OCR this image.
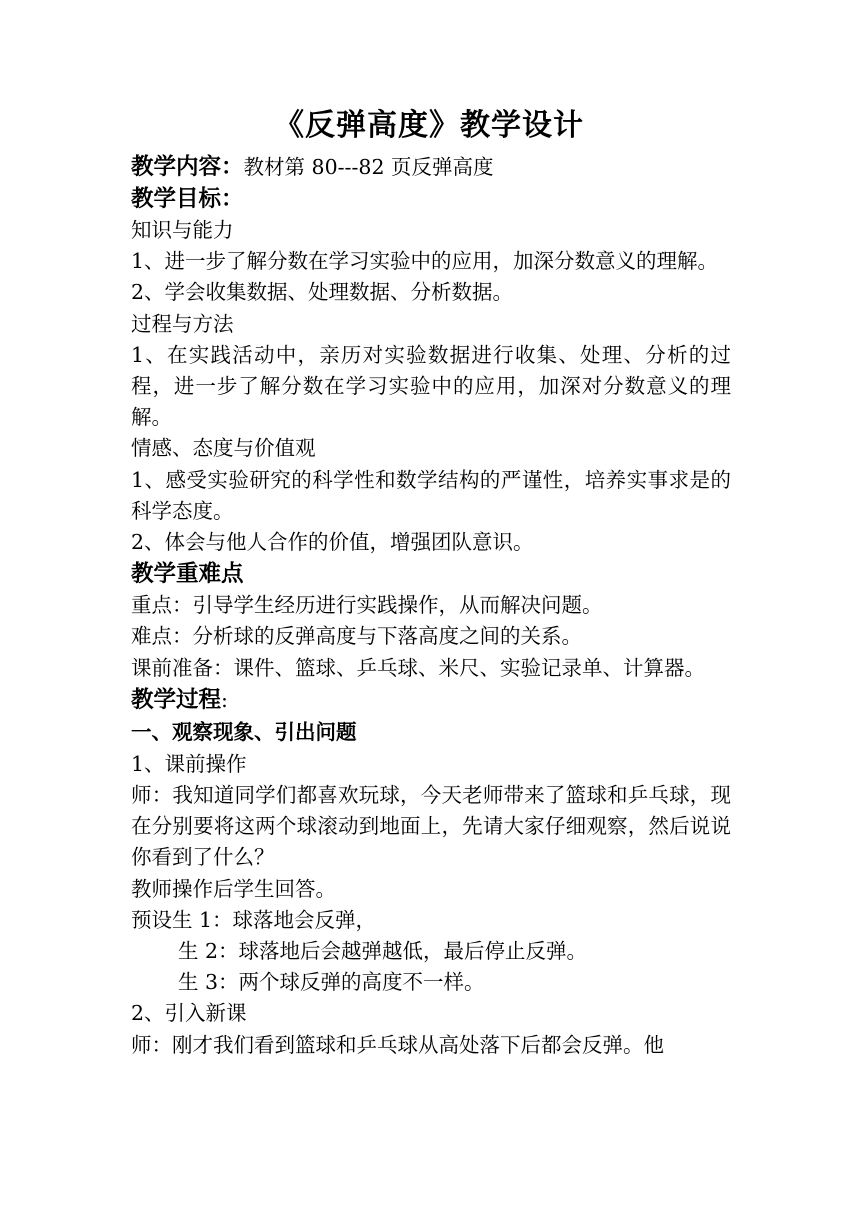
《反弹高度》教学设计
教学内容：教材第 80---82 页反弹高度
教学目标：
知识与能力
1、进一步了解分数在学习实验中的应用，加深分数意义的理解。
2、学会收集数据、处理数据、分析数据。
过程与方法
1、在实践活动中，亲历对实验数据进行收集、处理、分析的过程，进一步了解分数在学习实验中的应用，加深对分数意义的理解。
情感、态度与价值观
1、感受实验研究的科学性和数学结构的严谨性，培养实事求是的科学态度。
2、体会与他人合作的价值，增强团队意识。
教学重难点
重点：引导学生经历进行实践操作，从而解决问题。
难点：分析球的反弹高度与下落高度之间的关系。
课前准备：课件、篮球、乒乓球、米尺、实验记录单、计算器。
教学过程:
一、观察现象、引出问题
1、课前操作
师：我知道同学们都喜欢玩球，今天老师带来了篮球和乒乓球，现在分别要将这两个球滚动到地面上，先请大家仔细观察，然后说说你看到了什么？
教师操作后学生回答。
预设生 1：球落地会反弹，
生 2：球落地后会越弹越低，最后停止反弹。
生 3：两个球反弹的高度不一样。
2、引入新课
师：刚才我们看到篮球和乒乓球从高处落下后都会反弹。他
